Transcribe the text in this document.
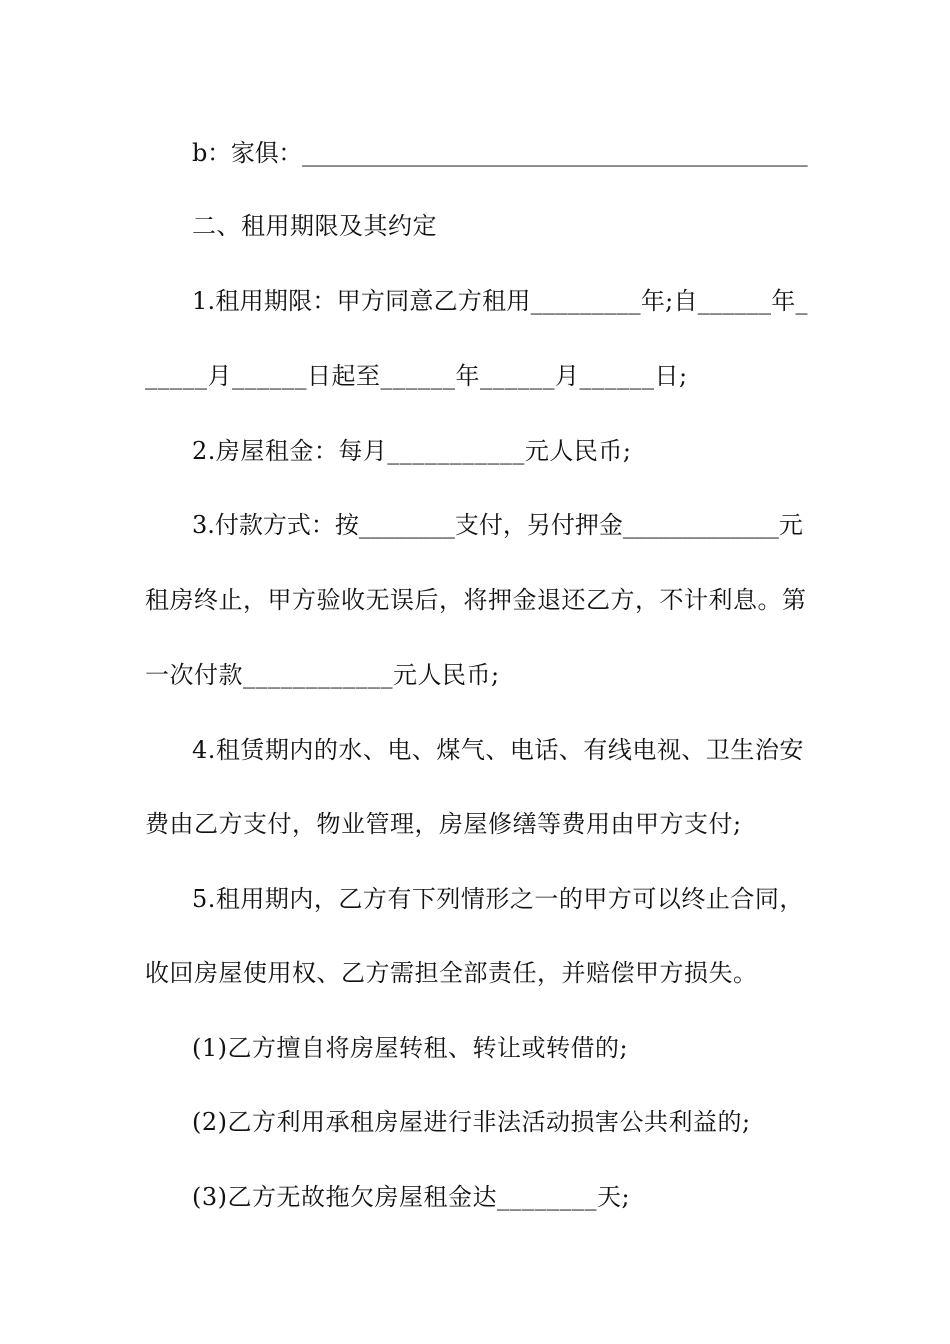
b：家俱：___________________________________________
二、租用期限及其约定
1.租用期限：甲方同意乙方租用_________年;自______年_
_____月______日起至______年______月______日;
2.房屋租金：每月___________元人民币;
3.付款方式：按________支付，另付押金_____________元
租房终止，甲方验收无误后，将押金退还乙方，不计利息。第
一次付款____________元人民币;
4.租赁期内的水、电、煤气、电话、有线电视、卫生治安
费由乙方支付，物业管理，房屋修缮等费用由甲方支付;
5.租用期内，乙方有下列情形之一的甲方可以终止合同，
收回房屋使用权、乙方需担全部责任，并赔偿甲方损失。
(1)乙方擅自将房屋转租、转让或转借的;
(2)乙方利用承租房屋进行非法活动损害公共利益的;
(3)乙方无故拖欠房屋租金达________天;
